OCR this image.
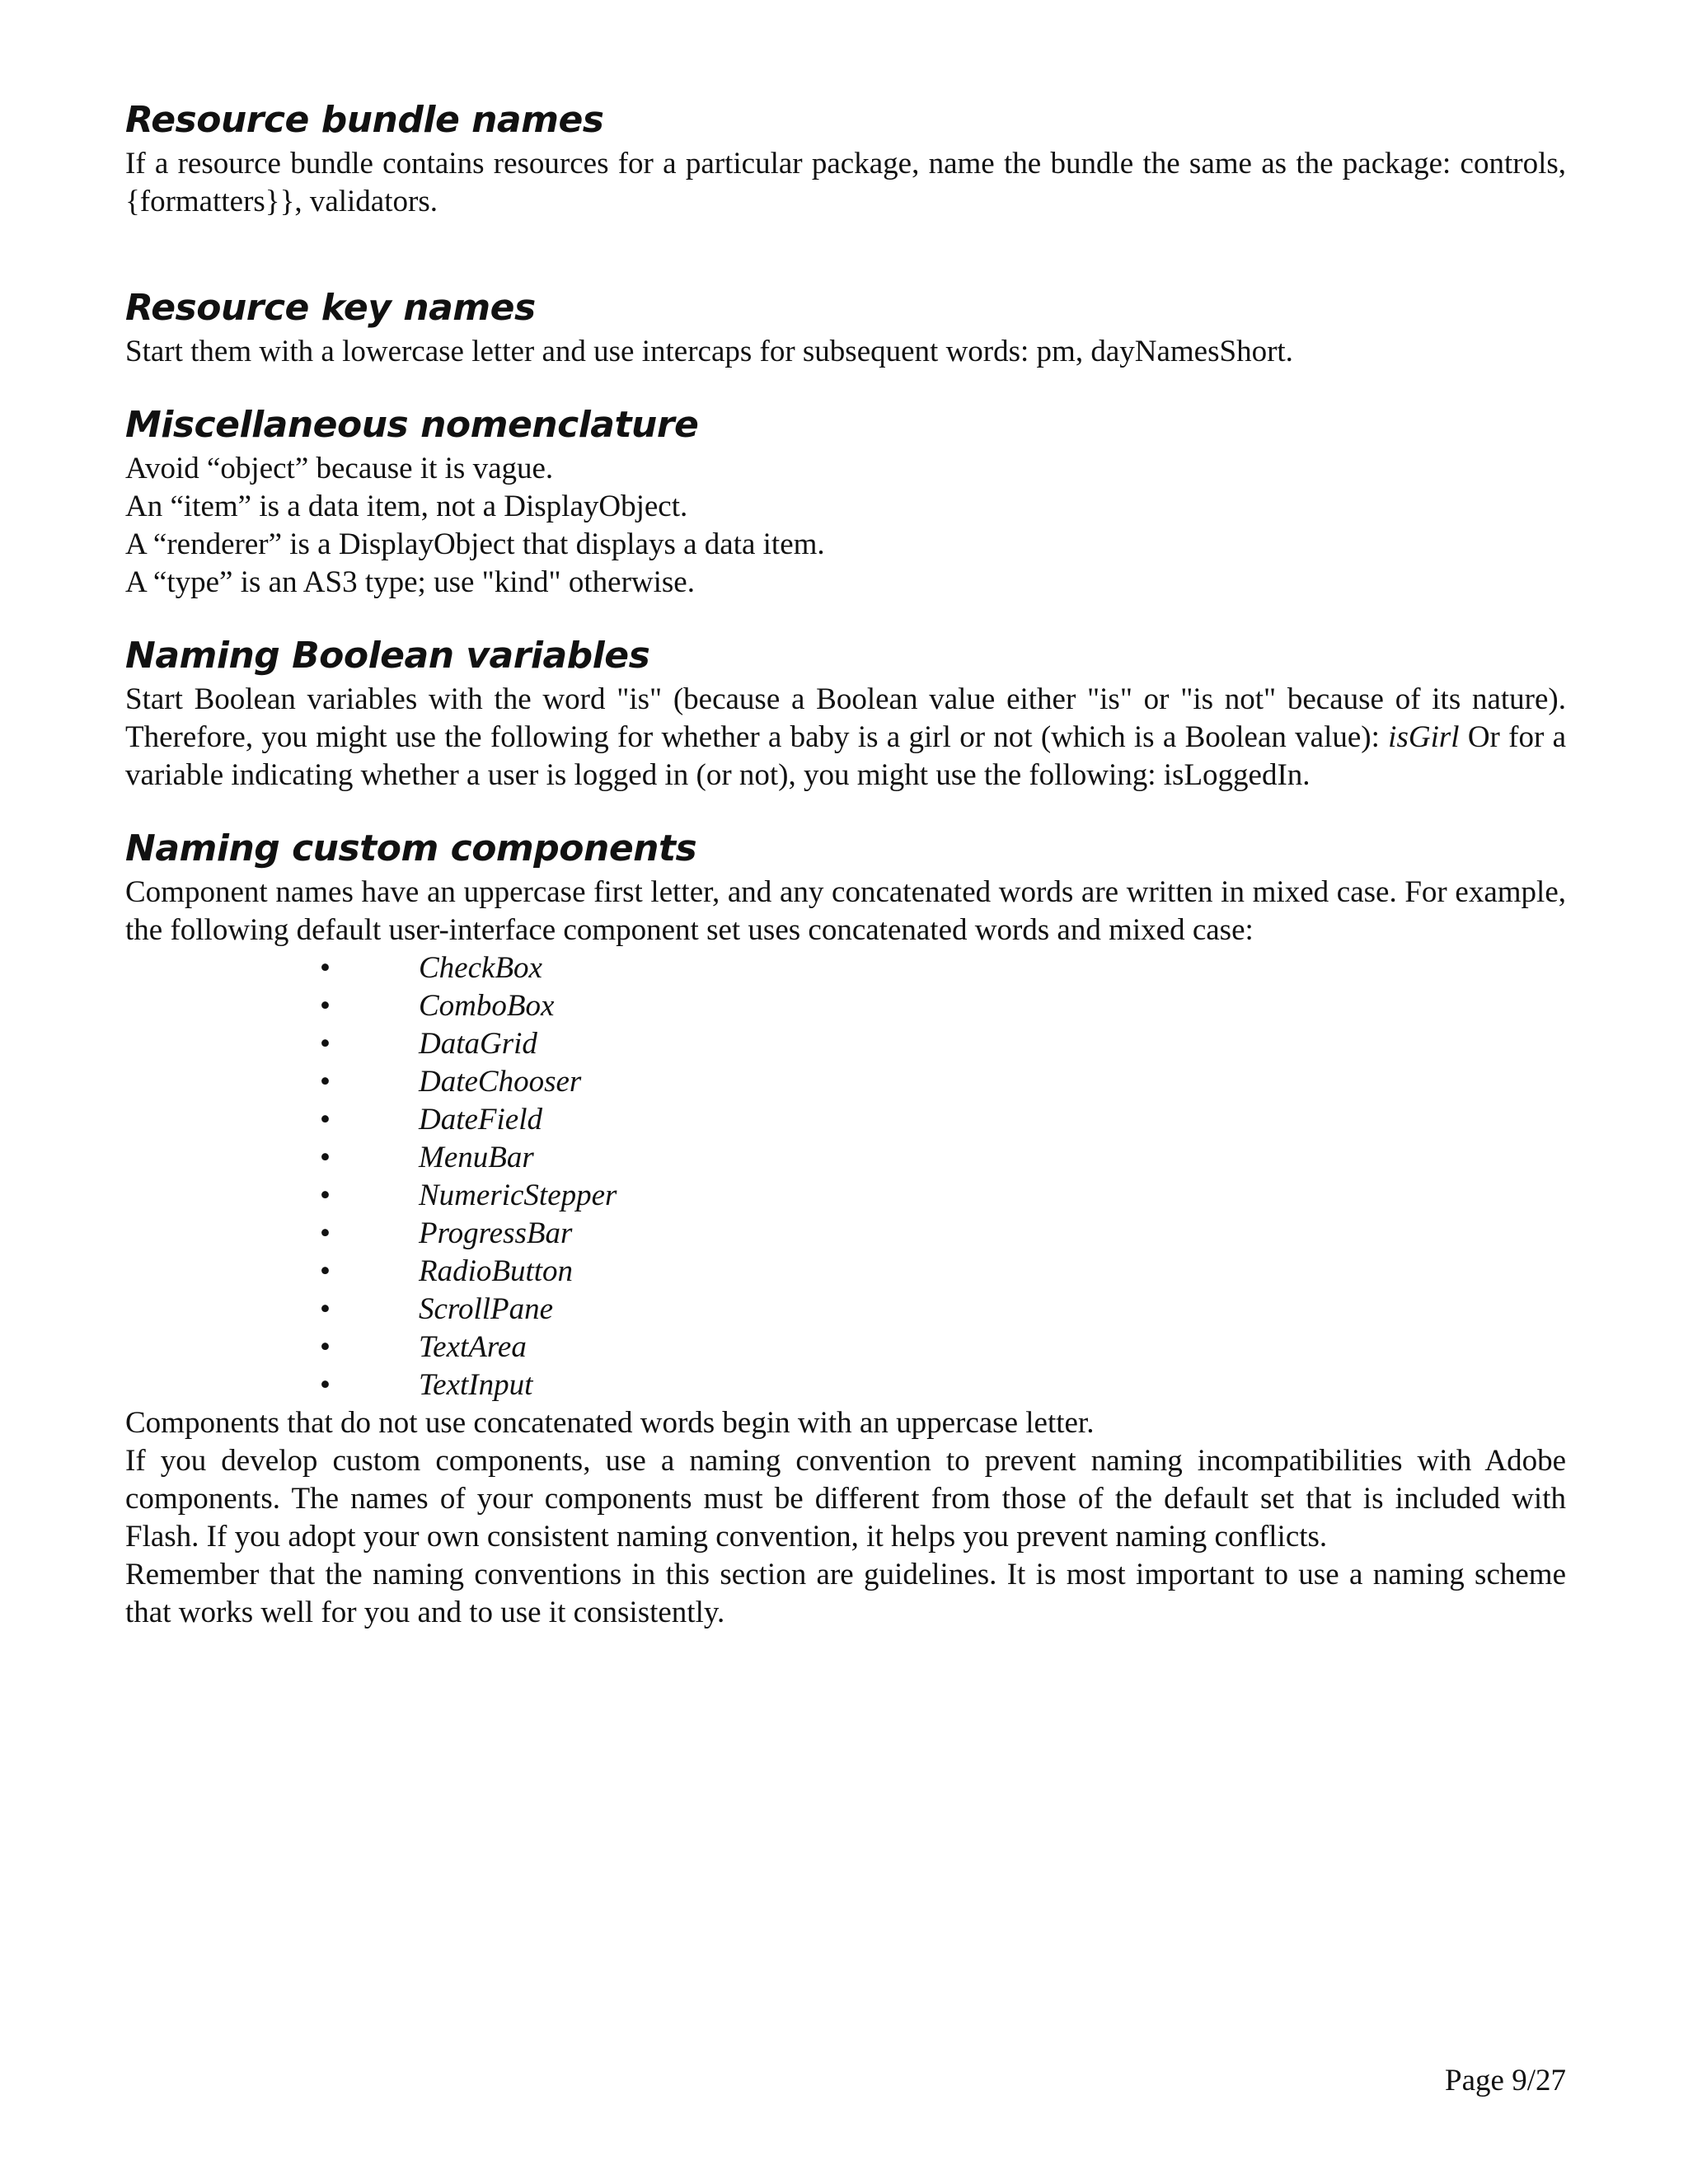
Resource bundle names

If a resource bundle contains resources for a particular package, name the bundle the same as the package: controls, {formatters}}, validators.

Resource key names

Start them with a lowercase letter and use intercaps for subsequent words: pm, dayNamesShort.

Miscellaneous nomenclature
Avoid “object” because it is vague.
An “item” is a data item, not a DisplayObject.
A “renderer” is a DisplayObject that displays a data item.
A “type” is an AS3 type; use "kind" otherwise.
Naming Boolean variables

Start Boolean variables with the word "is" (because a Boolean value either "is" or "is not" because of its nature). Therefore, you might use the following for whether a baby is a girl or not (which is a Boolean value): isGirl Or for a variable indicating whether a user is logged in (or not), you might use the following: isLoggedIn.

Naming custom components

Component names have an uppercase first letter, and any concatenated words are written in mixed case. For example, the following default user-interface component set uses concatenated words and mixed case:

•	CheckBox
•	ComboBox
•	DataGrid
•	DateChooser
•	DateField
•	MenuBar
•	NumericStepper
•	ProgressBar
•	RadioButton
•	ScrollPane
•	TextArea
•	TextInput

Components that do not use concatenated words begin with an uppercase letter.

If you develop custom components, use a naming convention to prevent naming incompatibilities with Adobe components. The names of your components must be different from those of the default set that is included with Flash. If you adopt your own consistent naming convention, it helps you prevent naming conflicts.

Remember that the naming conventions in this section are guidelines. It is most important to use a naming scheme that works well for you and to use it consistently.

Page 9/27
